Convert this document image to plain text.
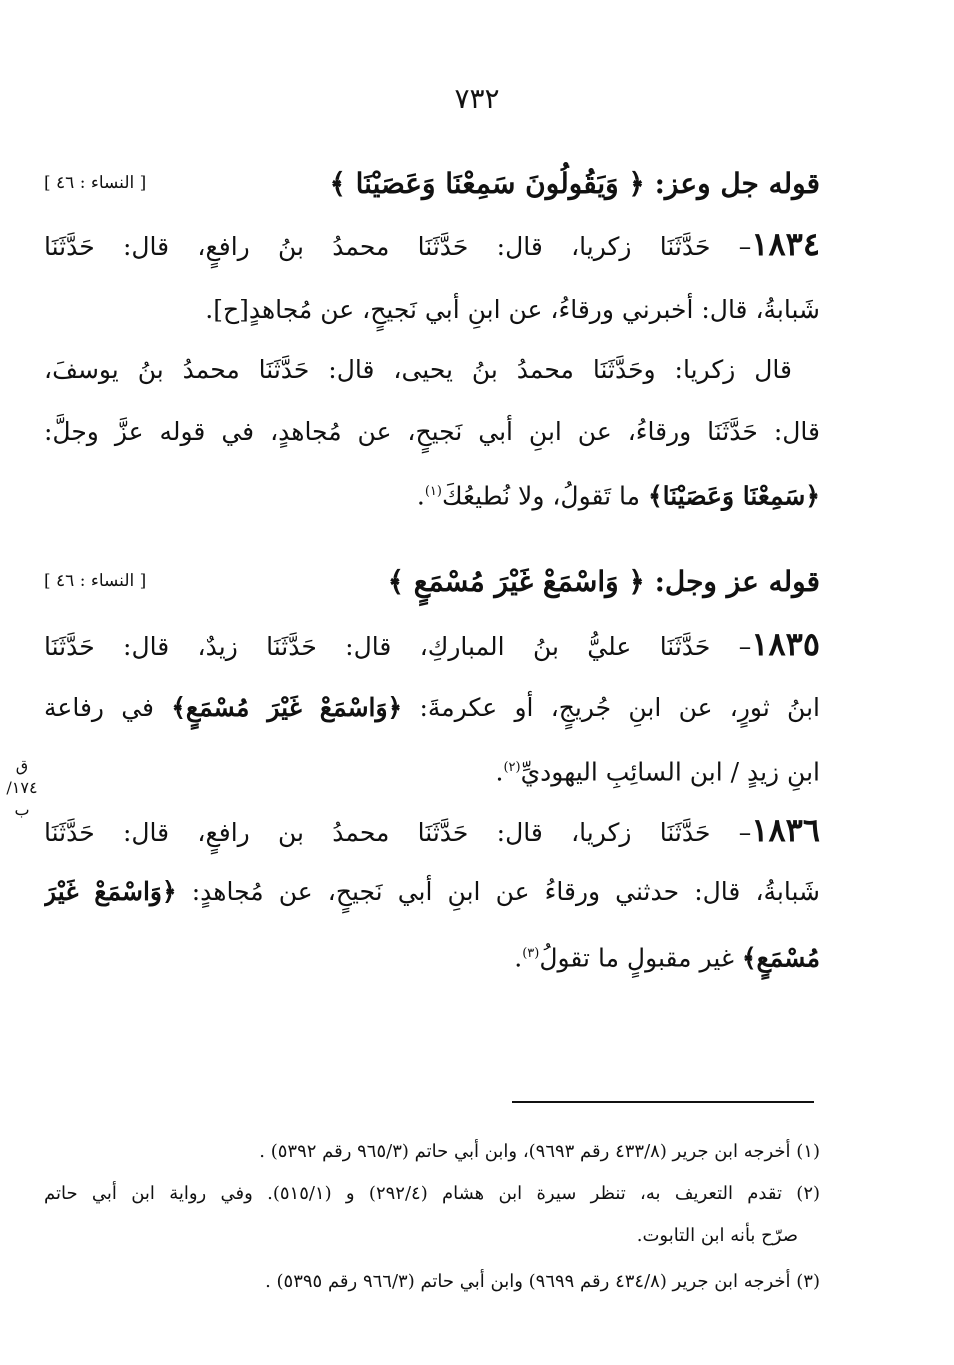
٧٣٢
قوله جل وعز: ﴿ وَيَقُولُونَ سَمِعْنَا وَعَصَيْنَا ﴾
[ النساء : ٤٦ ]
١٨٣٤– حَدَّثَنَا زكريا، قال: حَدَّثَنَا محمدُ بنُ رافعٍ، قال: حَدَّثَنَا
شَبابةُ، قال: أخبرني ورقاءُ، عن ابنِ أبي نَجيحٍ، عن مُجاهدٍ[ح].
قال زكريا: وحَدَّثَنَا محمدُ بنُ يحيى، قال: حَدَّثَنَا محمدُ بنُ يوسفَ،
قال: حَدَّثَنَا ورقاءُ، عن ابنِ أبي نَجيحٍ، عن مُجاهدٍ، في قوله عزَّ وجلَّ:
﴿سَمِعْنَا وَعَصَيْنَا﴾ ما تَقولُ، ولا نُطيعُكَ$^{(١)}$.
قوله عز وجل: ﴿ وَاسْمَعْ غَيْرَ مُسْمَعٍ ﴾
[ النساء : ٤٦ ]
١٨٣٥– حَدَّثَنَا عليُّ بنُ المباركِ، قال: حَدَّثَنَا زيدٌ، قال: حَدَّثَنَا
ابنُ ثورٍ، عن ابنِ جُريجٍ، أو عكرمةَ: ﴿وَاسْمَعْ غَيْرَ مُسْمَعٍ﴾ في رفاعة
ابنِ زيدٍ / ابن السائِبِ اليهوديِّ$^{(٢)}$.
ق ١٧٤/ب
١٨٣٦– حَدَّثَنَا زكريا، قال: حَدَّثَنَا محمدُ بن رافعٍ، قال: حَدَّثَنَا
شَبابةُ، قال: حدثني ورقاءُ عن ابنِ أبي نَجيحٍ، عن مُجاهدٍ: ﴿وَاسْمَعْ غَيْرَ
مُسْمَعٍ﴾ غير مقبولٍ ما تقولُ$^{(٣)}$.
(١) أخرجه ابن جرير (٤٣٣/٨ رقم ٩٦٩٣)، وابن أبي حاتم (٩٦٥/٣ رقم ٥٣٩٢) .
(٢) تقدم التعريف به، تنظر سيرة ابن هشام (٢٩٢/٤) و (٥١٥/١). وفي رواية ابن أبي حاتم
صرّح بأنه ابن التابوت.
(٣) أخرجه ابن جرير (٤٣٤/٨ رقم ٩٦٩٩) وابن أبي حاتم (٩٦٦/٣ رقم ٥٣٩٥) .
